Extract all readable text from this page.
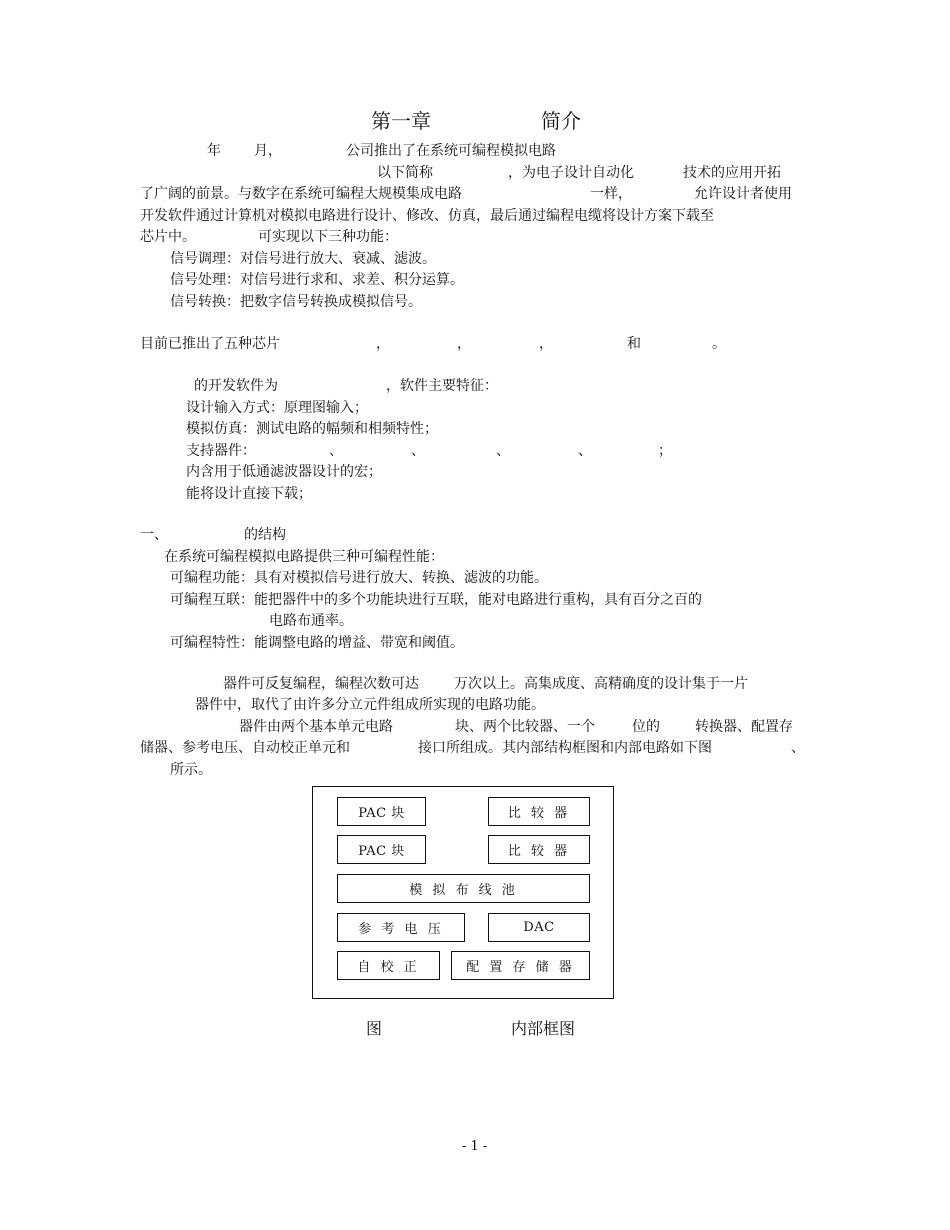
第一章	简介
年 月，	公司推出了在系统可编程模拟电路
以下简称	，为电子设计自动化	技术的应用开拓
了广阔的前景。与数字在系统可编程大规模集成电路	一样，	允许设计者使用
开发软件通过计算机对模拟电路进行设计、修改、仿真，最后通过编程电缆将设计方案下载至
芯片中。	可实现以下三种功能：
信号调理：对信号进行放大、衰减、滤波。
信号处理：对信号进行求和、求差、积分运算。
信号转换：把数字信号转换成模拟信号。
目前已推出了五种芯片	，	，	，	和	。
的开发软件为	，软件主要特征：
设计输入方式：原理图输入；
模拟仿真：测试电路的幅频和相频特性；
支持器件：	、	、	、	、	；
内含用于低通滤波器设计的宏；
能将设计直接下载；
一、	的结构
在系统可编程模拟电路提供三种可编程性能：
可编程功能：具有对模拟信号进行放大、转换、滤波的功能。
可编程互联：能把器件中的多个功能块进行互联，能对电路进行重构，具有百分之百的
电路布通率。
可编程特性：能调整电路的增益、带宽和阈值。
器件可反复编程，编程次数可达	万次以上。高集成度、高精确度的设计集于一片
器件中，取代了由许多分立元件组成所实现的电路功能。
器件由两个基本单元电路	块、两个比较器、一个	位的	转换器、配置存
储器、参考电压、自动校正单元和	接口所组成。其内部结构框图和内部电路如下图	、
所示。
PAC 块	比 较 器
PAC 块	比 较 器
模 拟 布 线 池
参 考 电 压	DAC
自 校 正	配 置 存 储 器
图	内部框图
- 1 -
